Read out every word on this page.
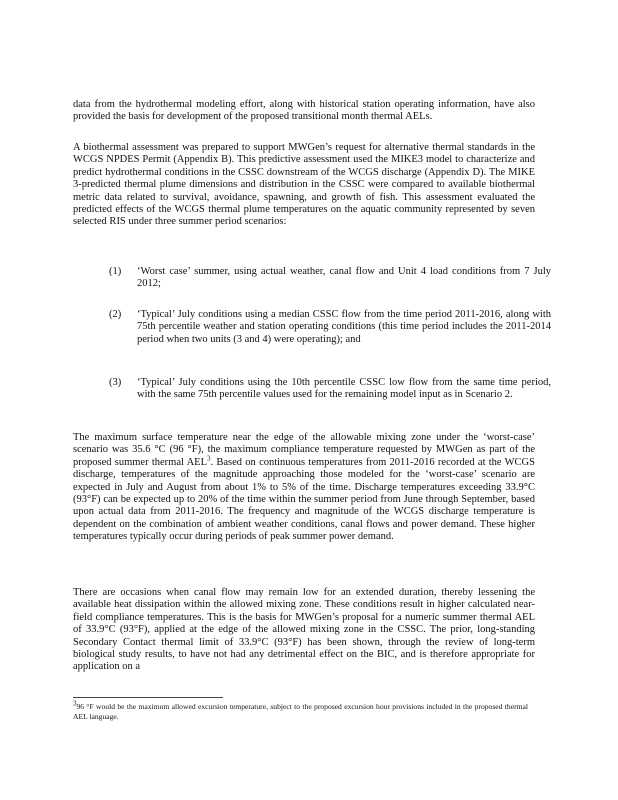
data from the hydrothermal modeling effort, along with historical station operating information, have also provided the basis for development of the proposed transitional month thermal AELs.

A biothermal assessment was prepared to support MWGen’s request for alternative thermal standards in the WCGS NPDES Permit (Appendix B). This predictive assessment used the MIKE3 model to characterize and predict hydrothermal conditions in the CSSC downstream of the WCGS discharge (Appendix D). The MIKE 3-predicted thermal plume dimensions and distribution in the CSSC were compared to available biothermal metric data related to survival, avoidance, spawning, and growth of fish. This assessment evaluated the predicted effects of the WCGS thermal plume temperatures on the aquatic community represented by seven selected RIS under three summer period scenarios:

(1) ‘Worst case’ summer, using actual weather, canal flow and Unit 4 load conditions from 7 July 2012;
(2) ‘Typical’ July conditions using a median CSSC flow from the time period 2011-2016, along with 75th percentile weather and station operating conditions (this time period includes the 2011-2014 period when two units (3 and 4) were operating); and
(3) ‘Typical’ July conditions using the 10th percentile CSSC low flow from the same time period, with the same 75th percentile values used for the remaining model input as in Scenario 2.

The maximum surface temperature near the edge of the allowable mixing zone under the ‘worst-case’ scenario was 35.6 °C (96 °F), the maximum compliance temperature requested by MWGen as part of the proposed summer thermal AEL$^3$. Based on continuous temperatures from 2011-2016 recorded at the WCGS discharge, temperatures of the magnitude approaching those modeled for the ‘worst-case’ scenario are expected in July and August from about 1% to 5% of the time. Discharge temperatures exceeding 33.9°C (93°F) can be expected up to 20% of the time within the summer period from June through September, based upon actual data from 2011-2016. The frequency and magnitude of the WCGS discharge temperature is dependent on the combination of ambient weather conditions, canal flows and power demand. These higher temperatures typically occur during periods of peak summer power demand.

There are occasions when canal flow may remain low for an extended duration, thereby lessening the available heat dissipation within the allowed mixing zone. These conditions result in higher calculated near-field compliance temperatures. This is the basis for MWGen’s proposal for a numeric summer thermal AEL of 33.9°C (93°F), applied at the edge of the allowed mixing zone in the CSSC. The prior, long-standing Secondary Contact thermal limit of 33.9°C (93°F) has been shown, through the review of long-term biological study results, to have not had any detrimental effect on the BIC, and is therefore appropriate for application on a

$^3$96 °F would be the maximum allowed excursion temperature, subject to the proposed excursion hour provisions included in the proposed thermal AEL language.
